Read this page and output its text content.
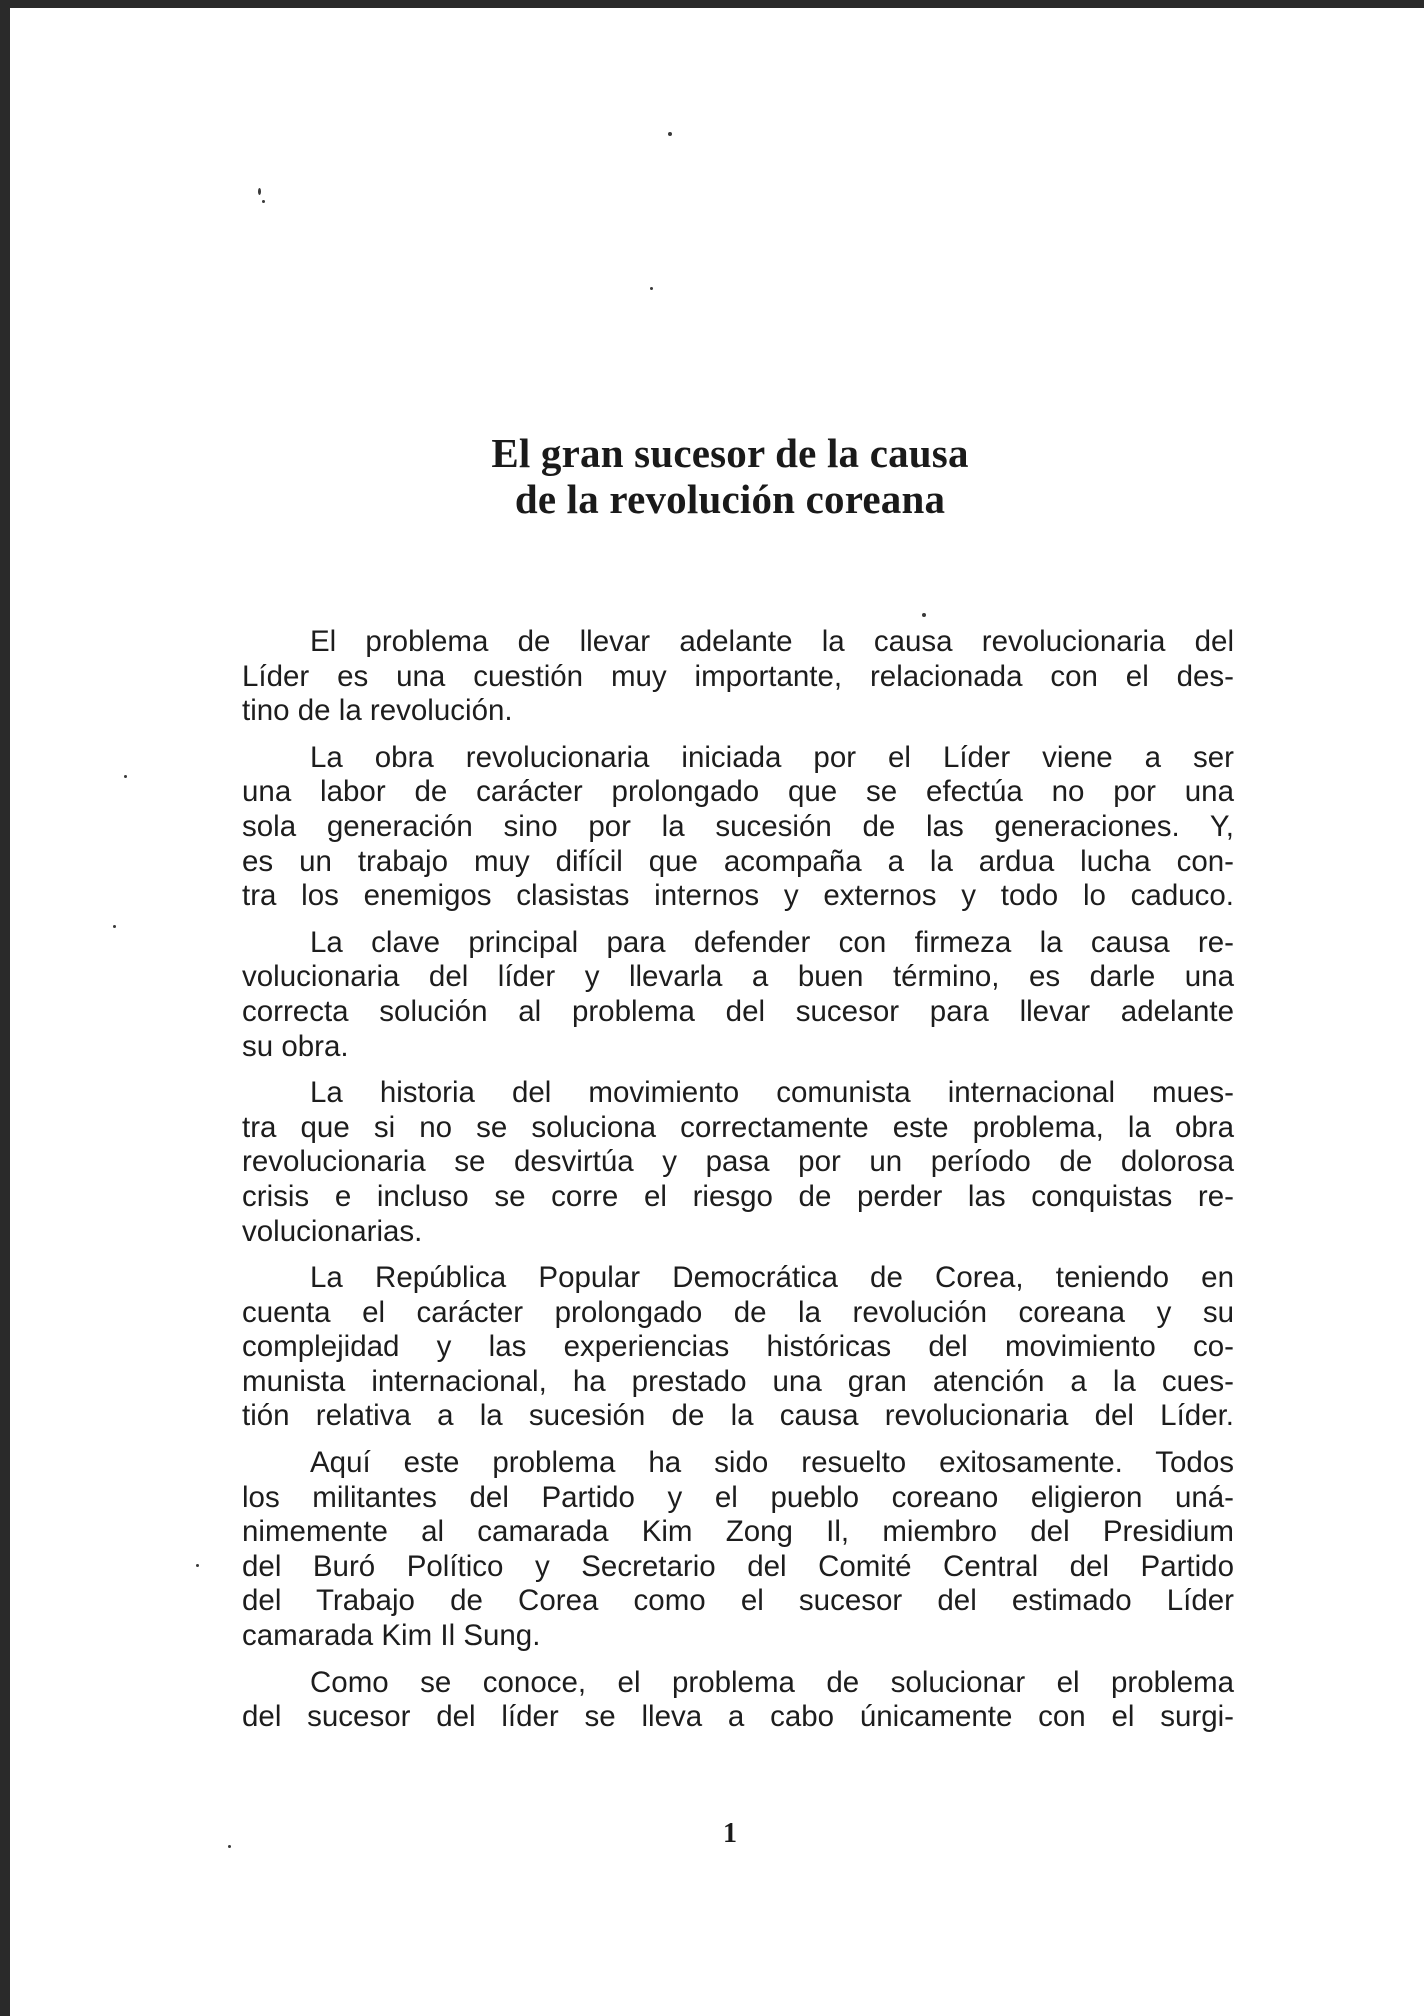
El gran sucesor de la causa
de la revolución coreana
El problema de llevar adelante la causa revolucionaria del
Líder es una cuestión muy importante, relacionada con el des-
tino de la revolución.
La obra revolucionaria iniciada por el Líder viene a ser
una labor de carácter prolongado que se efectúa no por una
sola generación sino por la sucesión de las generaciones. Y,
es un trabajo muy difícil que acompaña a la ardua lucha con-
tra los enemigos clasistas internos y externos y todo lo caduco.
La clave principal para defender con firmeza la causa re-
volucionaria del líder y llevarla a buen término, es darle una
correcta solución al problema del sucesor para llevar adelante
su obra.
La historia del movimiento comunista internacional mues-
tra que si no se soluciona correctamente este problema, la obra
revolucionaria se desvirtúa y pasa por un período de dolorosa
crisis e incluso se corre el riesgo de perder las conquistas re-
volucionarias.
La República Popular Democrática de Corea, teniendo en
cuenta el carácter prolongado de la revolución coreana y su
complejidad y las experiencias históricas del movimiento co-
munista internacional, ha prestado una gran atención a la cues-
tión relativa a la sucesión de la causa revolucionaria del Líder.
Aquí este problema ha sido resuelto exitosamente. Todos
los militantes del Partido y el pueblo coreano eligieron uná-
nimemente al camarada Kim Zong Il, miembro del Presidium
del Buró Político y Secretario del Comité Central del Partido
del Trabajo de Corea como el sucesor del estimado Líder
camarada Kim Il Sung.
Como se conoce, el problema de solucionar el problema
del sucesor del líder se lleva a cabo únicamente con el surgi-
1
